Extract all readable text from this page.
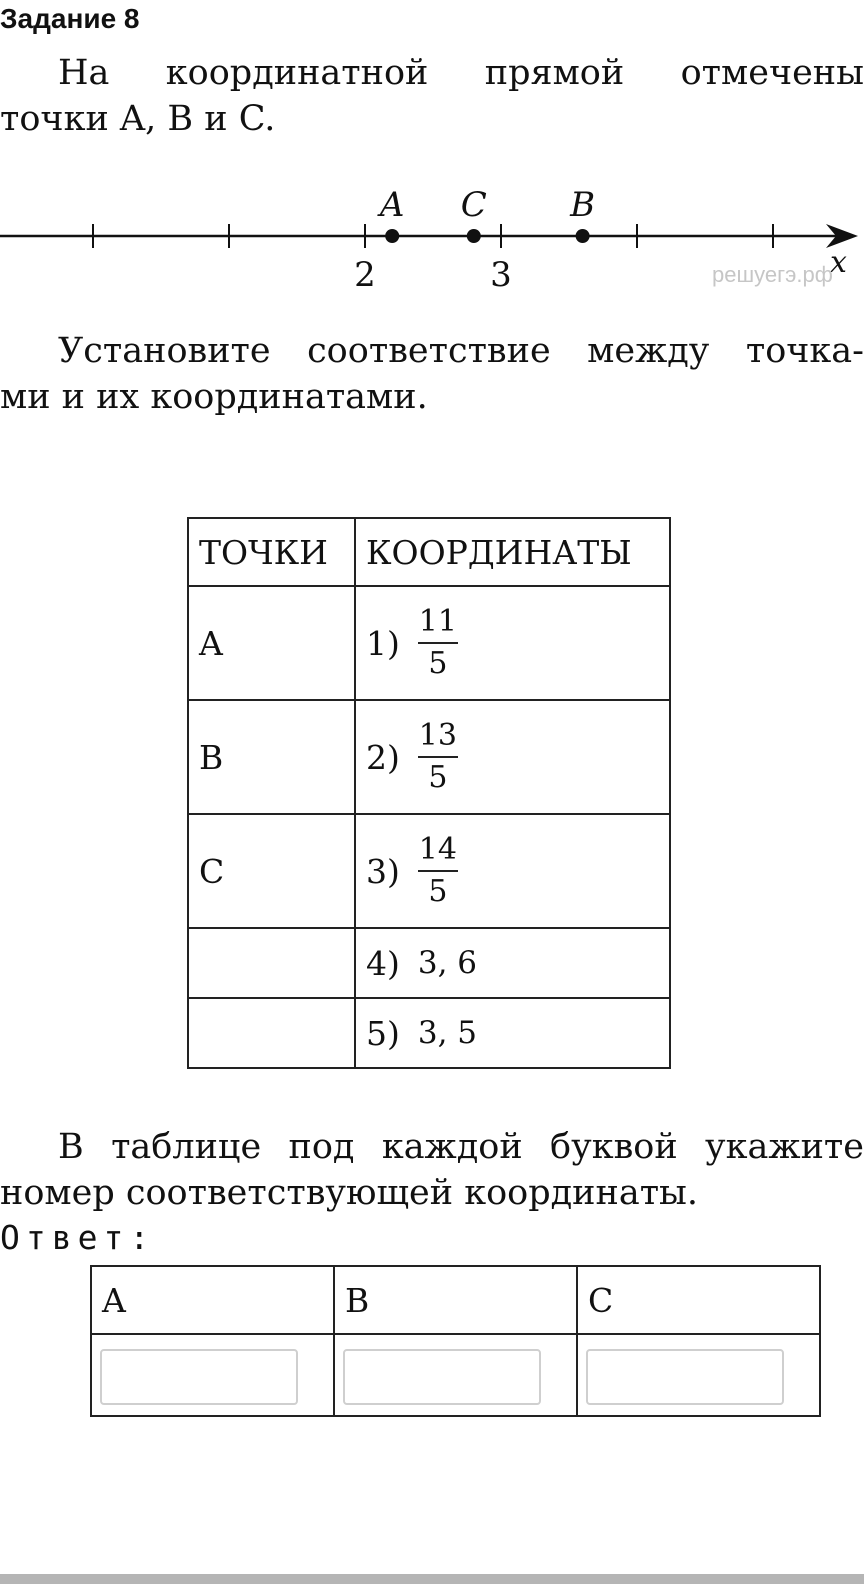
Задание 8
На координатной прямой отмечены
точки A, B и C.
A C B
2	3	x
решуегэ.рф
Установите соответствие между точка-
ми и их координатами.
ТОЧКИ	КООРДИНАТЫ
A	$1) \frac{11}{5}$

B	$2) \frac{13}{5}$

C	$3) \frac{14}{5}$

	4) 3, 6

	5) 3, 5
В таблице под каждой буквой укажите
номер соответствующей координаты.
Ответ:
A	B	C
